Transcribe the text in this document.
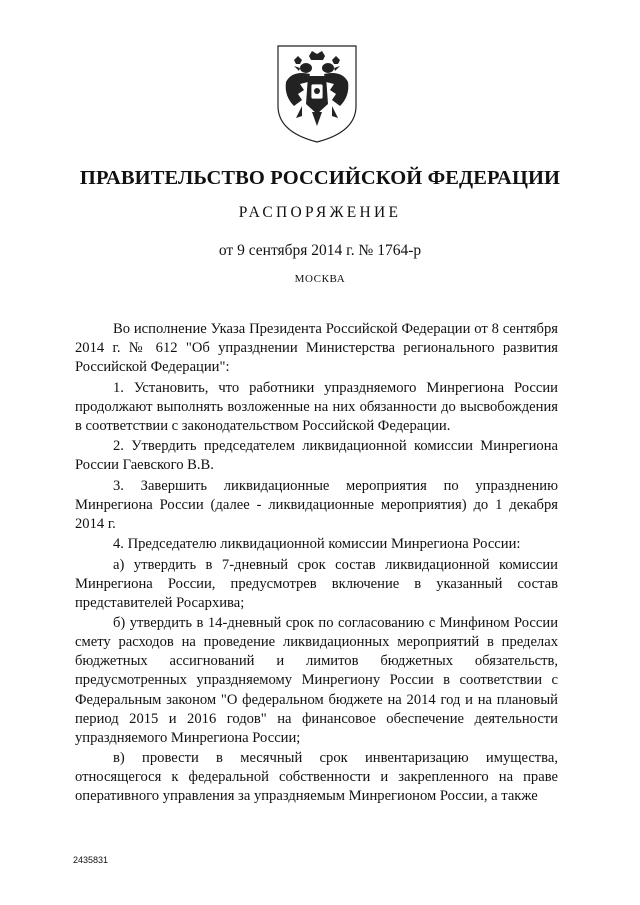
ПРАВИТЕЛЬСТВО РОССИЙСКОЙ ФЕДЕРАЦИИ
РАСПОРЯЖЕНИЕ
от 9 сентября 2014 г. № 1764-р
МОСКВА

Во исполнение Указа Президента Российской Федерации от 8 сентября 2014 г. № 612 "Об упразднении Министерства регионального развития Российской Федерации":

1. Установить, что работники упраздняемого Минрегиона России продолжают выполнять возложенные на них обязанности до высвобождения в соответствии с законодательством Российской Федерации.

2. Утвердить председателем ликвидационной комиссии Минрегиона России Гаевского В.В.

3. Завершить ликвидационные мероприятия по упразднению Минрегиона России (далее - ликвидационные мероприятия) до 1 декабря 2014 г.

4. Председателю ликвидационной комиссии Минрегиона России:

а) утвердить в 7-дневный срок состав ликвидационной комиссии Минрегиона России, предусмотрев включение в указанный состав представителей Росархива;

б) утвердить в 14-дневный срок по согласованию с Минфином России смету расходов на проведение ликвидационных мероприятий в пределах бюджетных ассигнований и лимитов бюджетных обязательств, предусмотренных упраздняемому Минрегиону России в соответствии с Федеральным законом "О федеральном бюджете на 2014 год и на плановый период 2015 и 2016 годов" на финансовое обеспечение деятельности упраздняемого Минрегиона России;

в) провести в месячный срок инвентаризацию имущества, относящегося к федеральной собственности и закрепленного на праве оперативного управления за упраздняемым Минрегионом России, а также

2435831
